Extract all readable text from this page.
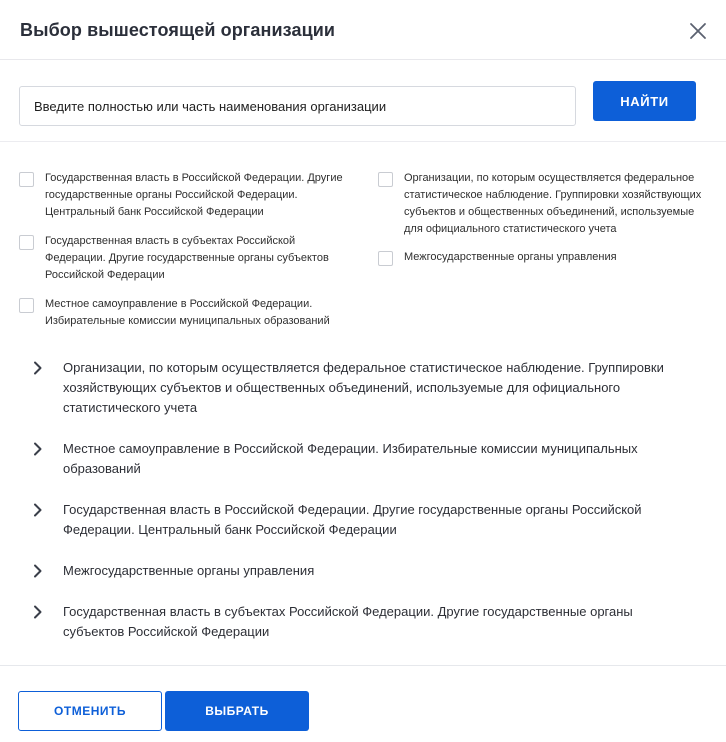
Выбор вышестоящей организации
Введите полностью или часть наименования организации
НАЙТИ
Государственная власть в Российской Федерации. Другие государственные органы Российской Федерации. Центральный банк Российской Федерации
Государственная власть в субъектах Российской Федерации. Другие государственные органы субъектов Российской Федерации
Местное самоуправление в Российской Федерации. Избирательные комиссии муниципальных образований
Организации, по которым осуществляется федеральное статистическое наблюдение. Группировки хозяйствующих субъектов и общественных объединений, используемые для официального статистического учета
Межгосударственные органы управления
Организации, по которым осуществляется федеральное статистическое наблюдение. Группировки хозяйствующих субъектов и общественных объединений, используемые для официального статистического учета
Местное самоуправление в Российской Федерации. Избирательные комиссии муниципальных образований
Государственная власть в Российской Федерации. Другие государственные органы Российской Федерации. Центральный банк Российской Федерации
Межгосударственные органы управления
Государственная власть в субъектах Российской Федерации. Другие государственные органы субъектов Российской Федерации
ОТМЕНИТЬ	ВЫБРАТЬ
